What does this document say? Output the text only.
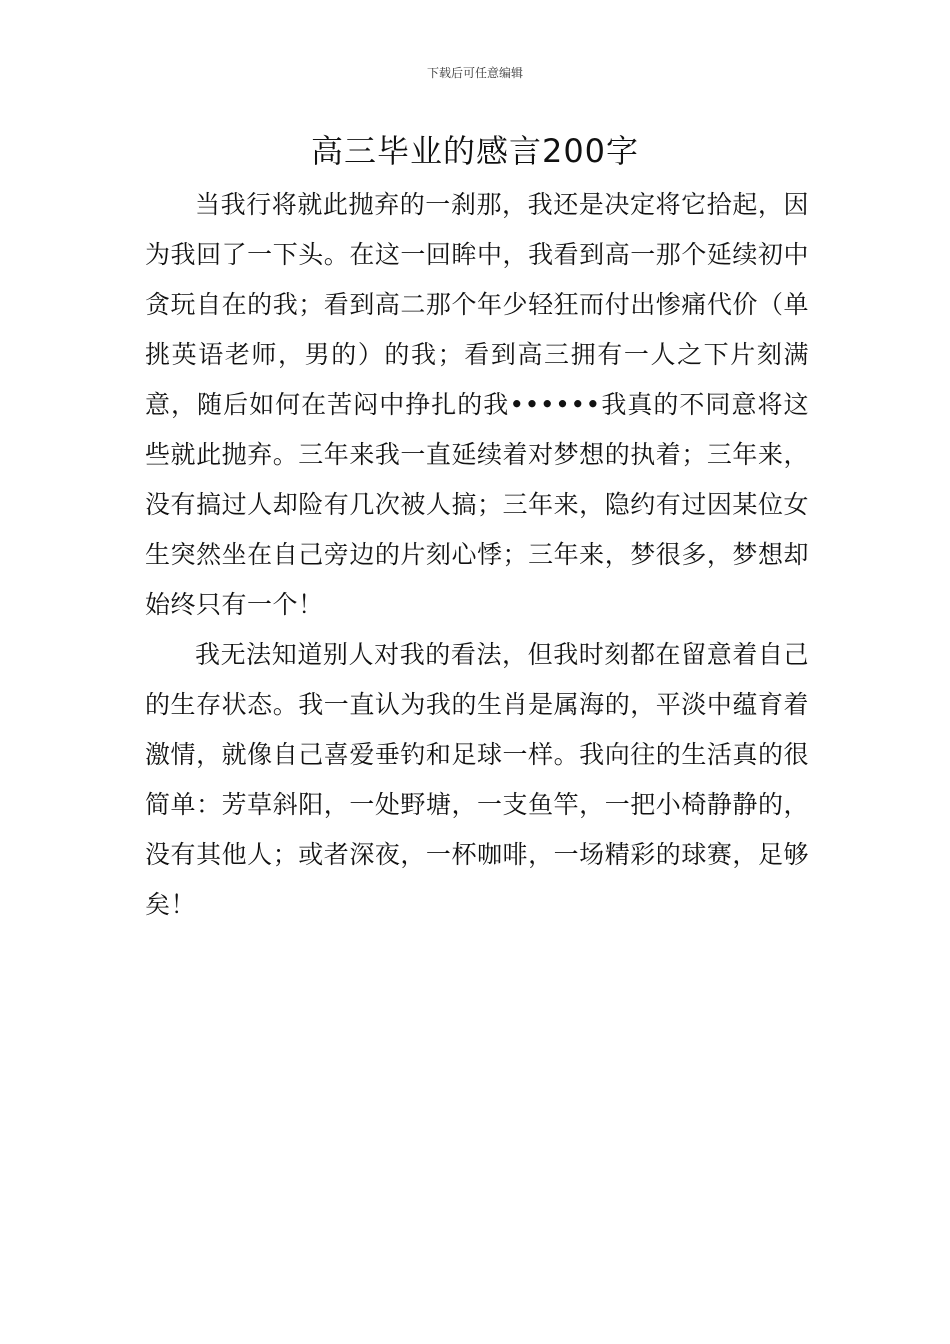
下载后可任意编辑
高三毕业的感言200字

当我行将就此抛弃的一刹那，我还是决定将它拾起，因为我回了一下头。在这一回眸中，我看到高一那个延续初中贪玩自在的我；看到高二那个年少轻狂而付出惨痛代价（单挑英语老师，男的）的我；看到高三拥有一人之下片刻满意，随后如何在苦闷中挣扎的我••••••我真的不同意将这些就此抛弃。三年来我一直延续着对梦想的执着；三年来，没有搞过人却险有几次被人搞；三年来，隐约有过因某位女生突然坐在自己旁边的片刻心悸；三年来，梦很多，梦想却始终只有一个！

我无法知道别人对我的看法，但我时刻都在留意着自己的生存状态。我一直认为我的生肖是属海的，平淡中蕴育着激情，就像自己喜爱垂钓和足球一样。我向往的生活真的很简单：芳草斜阳，一处野塘，一支鱼竿，一把小椅静静的，没有其他人；或者深夜，一杯咖啡，一场精彩的球赛，足够矣！
